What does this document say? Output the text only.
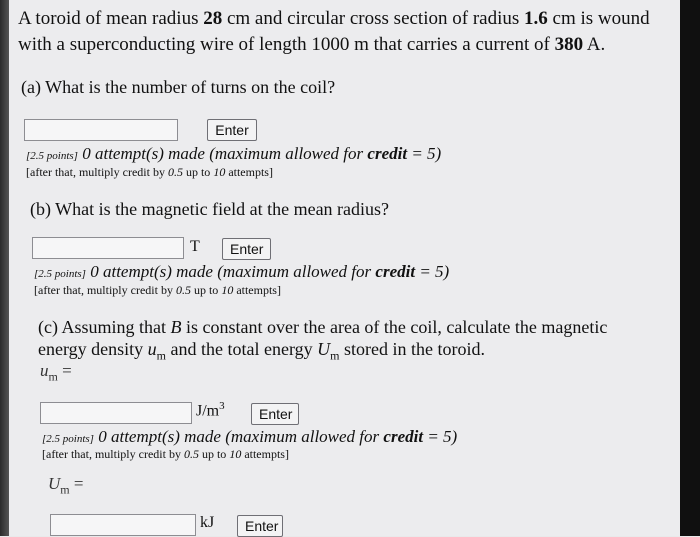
A toroid of mean radius 28 cm and circular cross section of radius 1.6 cm is wound
with a superconducting wire of length 1000 m that carries a current of 380 A.
(a) What is the number of turns on the coil?
Enter
[2.5 points] 0 attempt(s) made (maximum allowed for credit = 5)
[after that, multiply credit by 0.5 up to 10 attempts]
(b) What is the magnetic field at the mean radius?
T	Enter
[2.5 points] 0 attempt(s) made (maximum allowed for credit = 5)
[after that, multiply credit by 0.5 up to 10 attempts]
(c) Assuming that B is constant over the area of the coil, calculate the magnetic
energy density $u_m$ and the total energy $U_m$ stored in the toroid.
$u_m$ =
$J/m^3$	Enter
[2.5 points] 0 attempt(s) made (maximum allowed for credit = 5)
[after that, multiply credit by 0.5 up to 10 attempts]
$U_m$ =
kJ	Enter
